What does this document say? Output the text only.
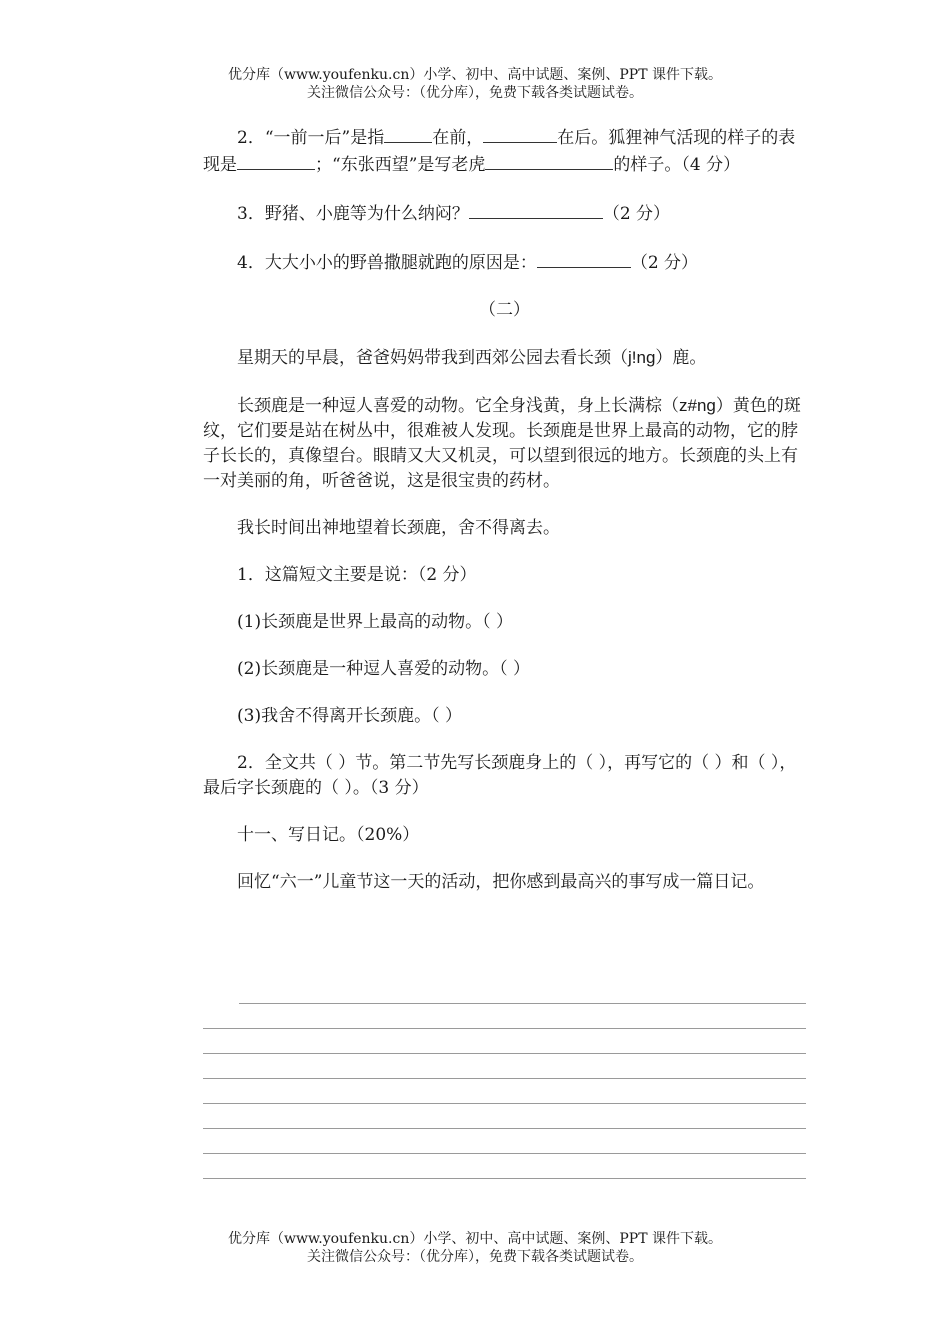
优分库（www.youfenku.cn）小学、初中、高中试题、案例、PPT 课件下载。
关注微信公众号：（优分库），免费下载各类试题试卷。

2．“一前一后”是指	在前，	在后。狐狸神气活现的样子的表现是	；“东张西望”是写老虎	的样子。（4 分）

3．野猪、小鹿等为什么纳闷？	（2 分）

4．大大小小的野兽撒腿就跑的原因是：	（2 分）

（二）

星期天的早晨，爸爸妈妈带我到西郊公园去看长颈（j!ng）鹿。

长颈鹿是一种逗人喜爱的动物。它全身浅黄，身上长满棕（z#ng）黄色的斑纹，它们要是站在树丛中，很难被人发现。长颈鹿是世界上最高的动物，它的脖子长长的，真像望台。眼睛又大又机灵，可以望到很远的地方。长颈鹿的头上有一对美丽的角，听爸爸说，这是很宝贵的药材。

我长时间出神地望着长颈鹿，舍不得离去。

1．这篇短文主要是说：（2 分）

(1)长颈鹿是世界上最高的动物。（ ）

(2)长颈鹿是一种逗人喜爱的动物。（ ）

(3)我舍不得离开长颈鹿。（ ）

2．全文共（ ）节。第二节先写长颈鹿身上的（ ），再写它的（ ）和（ ），最后字长颈鹿的（ ）。（3 分）

十一、写日记。（20%）

回忆“六一”儿童节这一天的活动，把你感到最高兴的事写成一篇日记。

优分库（www.youfenku.cn）小学、初中、高中试题、案例、PPT 课件下载。
关注微信公众号：（优分库），免费下载各类试题试卷。
